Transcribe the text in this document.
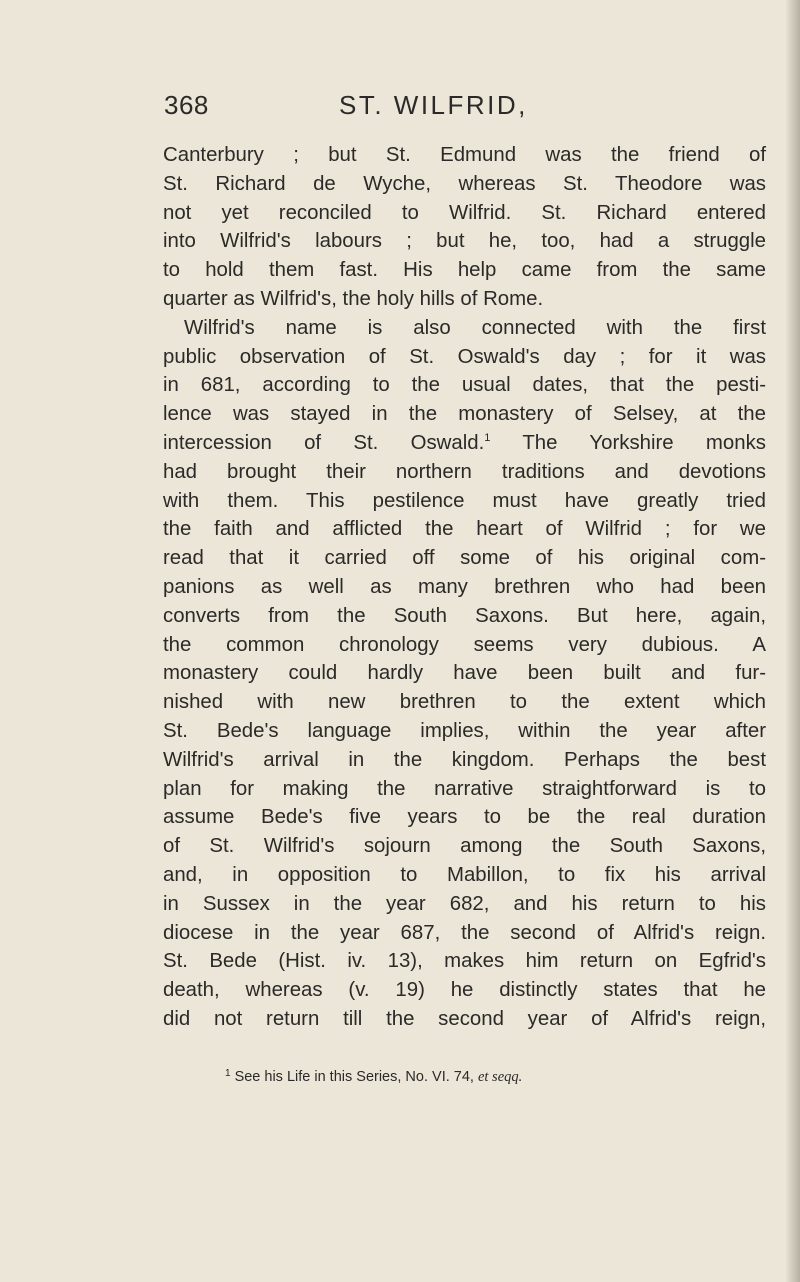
368	ST. WILFRID,
Canterbury ; but St. Edmund was the friend of
St. Richard de Wyche, whereas St. Theodore was
not yet reconciled to Wilfrid. St. Richard entered
into Wilfrid's labours ; but he, too, had a struggle
to hold them fast. His help came from the same
quarter as Wilfrid's, the holy hills of Rome.
Wilfrid's name is also connected with the first
public observation of St. Oswald's day ; for it was
in 681, according to the usual dates, that the pesti-
lence was stayed in the monastery of Selsey, at the
intercession of St. Oswald.$^1$ The Yorkshire monks
had brought their northern traditions and devotions
with them. This pestilence must have greatly tried
the faith and afflicted the heart of Wilfrid ; for we
read that it carried off some of his original com-
panions as well as many brethren who had been
converts from the South Saxons. But here, again,
the common chronology seems very dubious. A
monastery could hardly have been built and fur-
nished with new brethren to the extent which
St. Bede's language implies, within the year after
Wilfrid's arrival in the kingdom. Perhaps the best
plan for making the narrative straightforward is to
assume Bede's five years to be the real duration
of St. Wilfrid's sojourn among the South Saxons,
and, in opposition to Mabillon, to fix his arrival
in Sussex in the year 682, and his return to his
diocese in the year 687, the second of Alfrid's reign.
St. Bede (Hist. iv. 13), makes him return on Egfrid's
death, whereas (v. 19) he distinctly states that he
did not return till the second year of Alfrid's reign,
$^1$ See his Life in this Series, No. VI. 74, et seqq.
